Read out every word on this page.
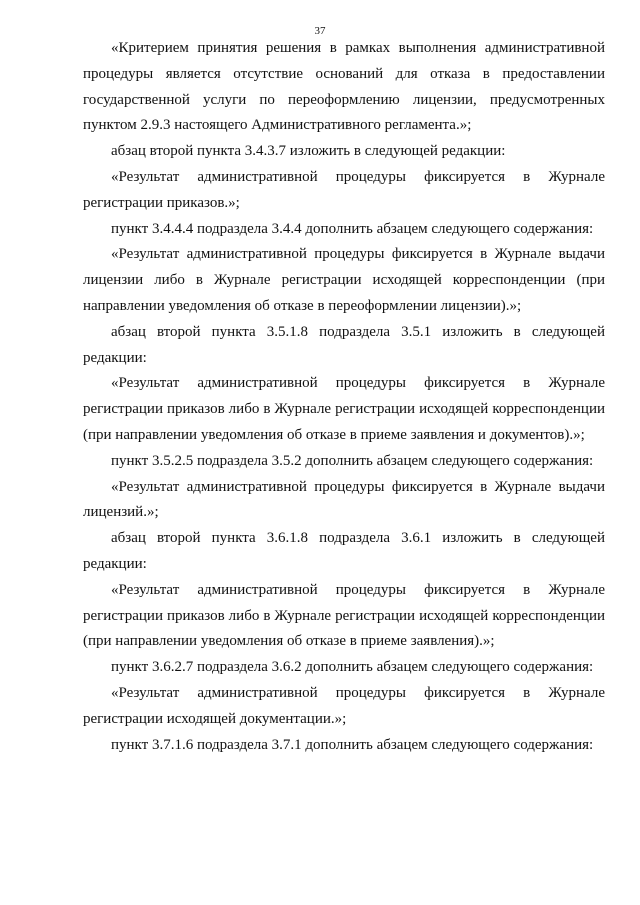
37

«Критерием принятия решения в рамках выполнения административной процедуры является отсутствие оснований для отказа в предоставлении государственной услуги по переоформлению лицензии, предусмотренных пунктом 2.9.3 настоящего Административного регламента.»;

абзац второй пункта 3.4.3.7 изложить в следующей редакции:

«Результат административной процедуры фиксируется в Журнале регистрации приказов.»;

пункт 3.4.4.4 подраздела 3.4.4 дополнить абзацем следующего содержания:

«Результат административной процедуры фиксируется в Журнале выдачи лицензии либо в Журнале регистрации исходящей корреспонденции (при направлении уведомления об отказе в переоформлении лицензии).»;

абзац второй пункта 3.5.1.8 подраздела 3.5.1 изложить в следующей редакции:

«Результат административной процедуры фиксируется в Журнале регистрации приказов либо в Журнале регистрации исходящей корреспонденции (при направлении уведомления об отказе в приеме заявления и документов).»;

пункт 3.5.2.5 подраздела 3.5.2 дополнить абзацем следующего содержания:

«Результат административной процедуры фиксируется в Журнале выдачи лицензий.»;

абзац второй пункта 3.6.1.8 подраздела 3.6.1 изложить в следующей редакции:

«Результат административной процедуры фиксируется в Журнале регистрации приказов либо в Журнале регистрации исходящей корреспонденции (при направлении уведомления об отказе в приеме заявления).»;

пункт 3.6.2.7 подраздела 3.6.2 дополнить абзацем следующего содержания:

«Результат административной процедуры фиксируется в Журнале регистрации исходящей документации.»;

пункт 3.7.1.6 подраздела 3.7.1 дополнить абзацем следующего содержания:
